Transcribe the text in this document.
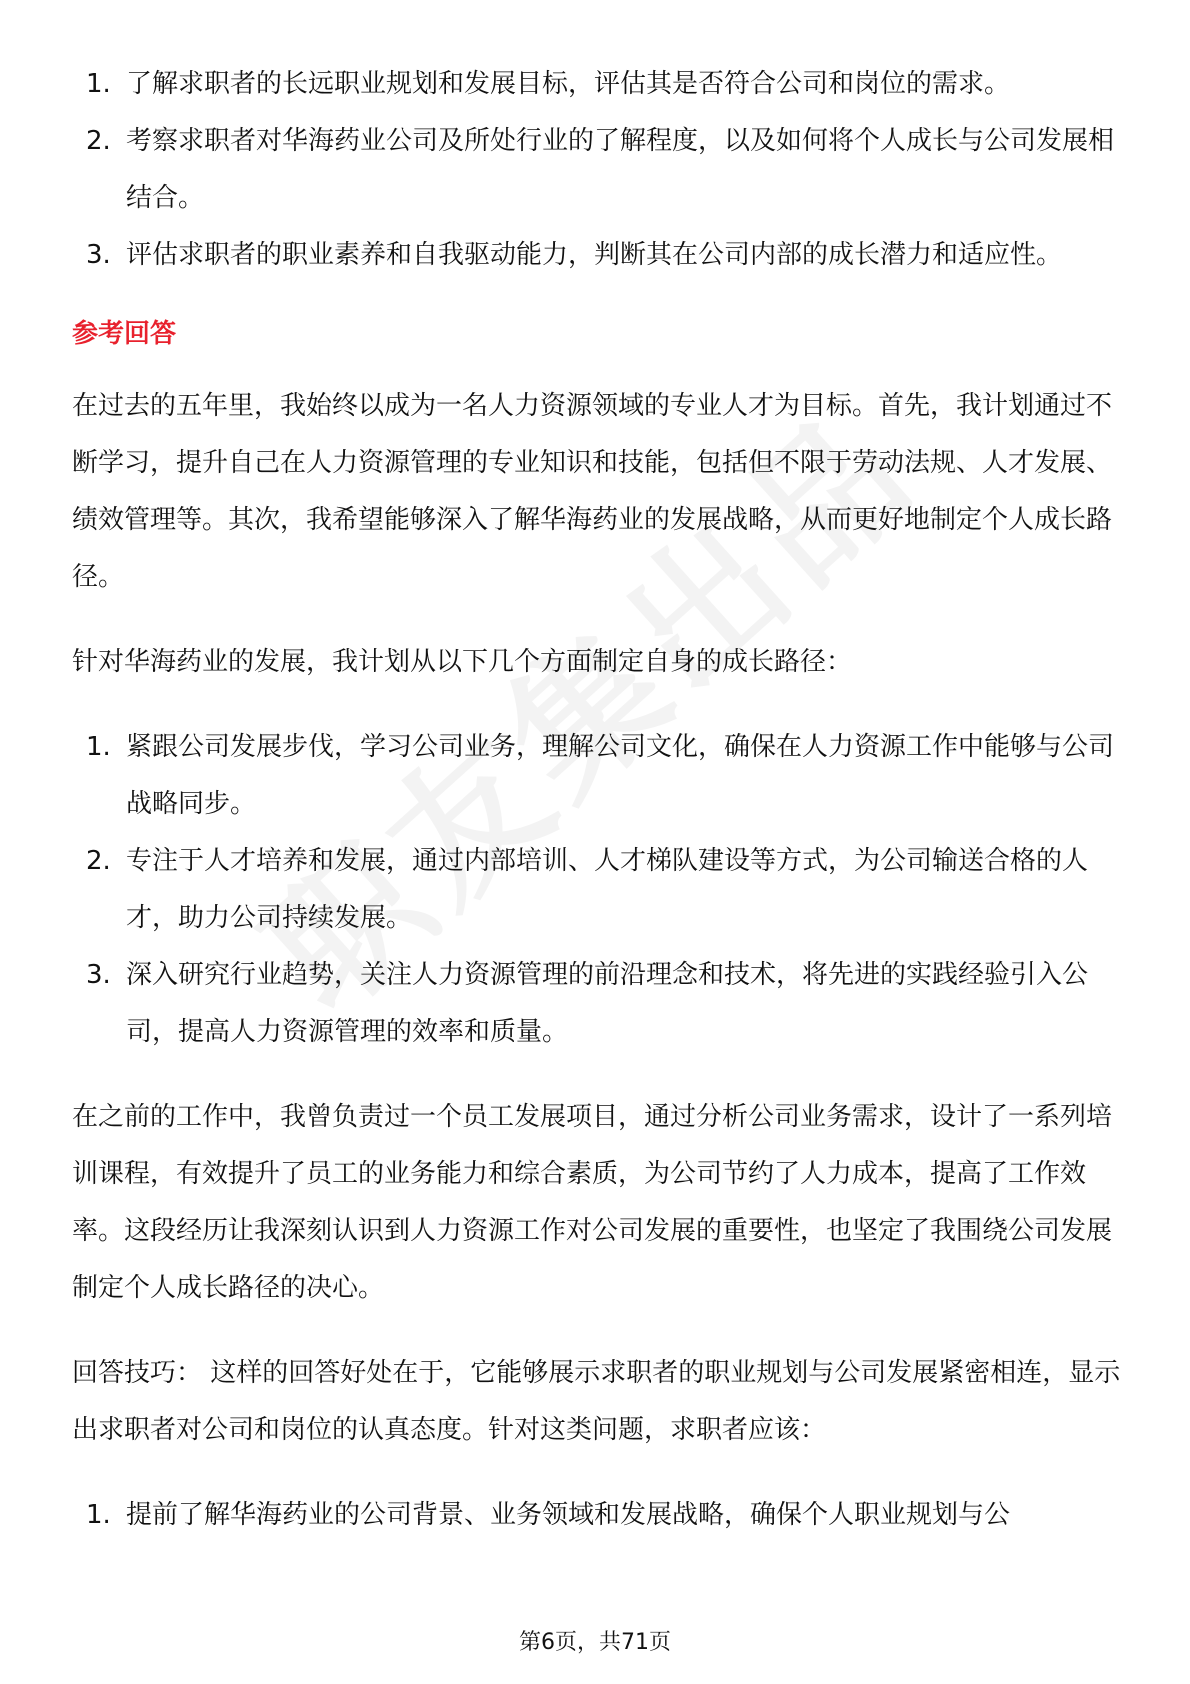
1. 了解求职者的长远职业规划和发展目标，评估其是否符合公司和岗位的需求。
2. 考察求职者对华海药业公司及所处行业的了解程度，以及如何将个人成长与公司发展相结合。
3. 评估求职者的职业素养和自我驱动能力，判断其在公司内部的成长潜力和适应性。
参考回答

在过去的五年里，我始终以成为一名人力资源领域的专业人才为目标。首先，我计划通过不断学习，提升自己在人力资源管理的专业知识和技能，包括但不限于劳动法规、人才发展、绩效管理等。其次，我希望能够深入了解华海药业的发展战略，从而更好地制定个人成长路径。

针对华海药业的发展，我计划从以下几个方面制定自身的成长路径：

1. 紧跟公司发展步伐，学习公司业务，理解公司文化，确保在人力资源工作中能够与公司战略同步。
2. 专注于人才培养和发展，通过内部培训、人才梯队建设等方式，为公司输送合格的人才，助力公司持续发展。
3. 深入研究行业趋势，关注人力资源管理的前沿理念和技术，将先进的实践经验引入公司，提高人力资源管理的效率和质量。

在之前的工作中，我曾负责过一个员工发展项目，通过分析公司业务需求，设计了一系列培训课程，有效提升了员工的业务能力和综合素质，为公司节约了人力成本，提高了工作效率。这段经历让我深刻认识到人力资源工作对公司发展的重要性，也坚定了我围绕公司发展制定个人成长路径的决心。

回答技巧： 这样的回答好处在于，它能够展示求职者的职业规划与公司发展紧密相连，显示出求职者对公司和岗位的认真态度。针对这类问题，求职者应该：

1. 提前了解华海药业的公司背景、业务领域和发展战略，确保个人职业规划与公
第6页，共71页
